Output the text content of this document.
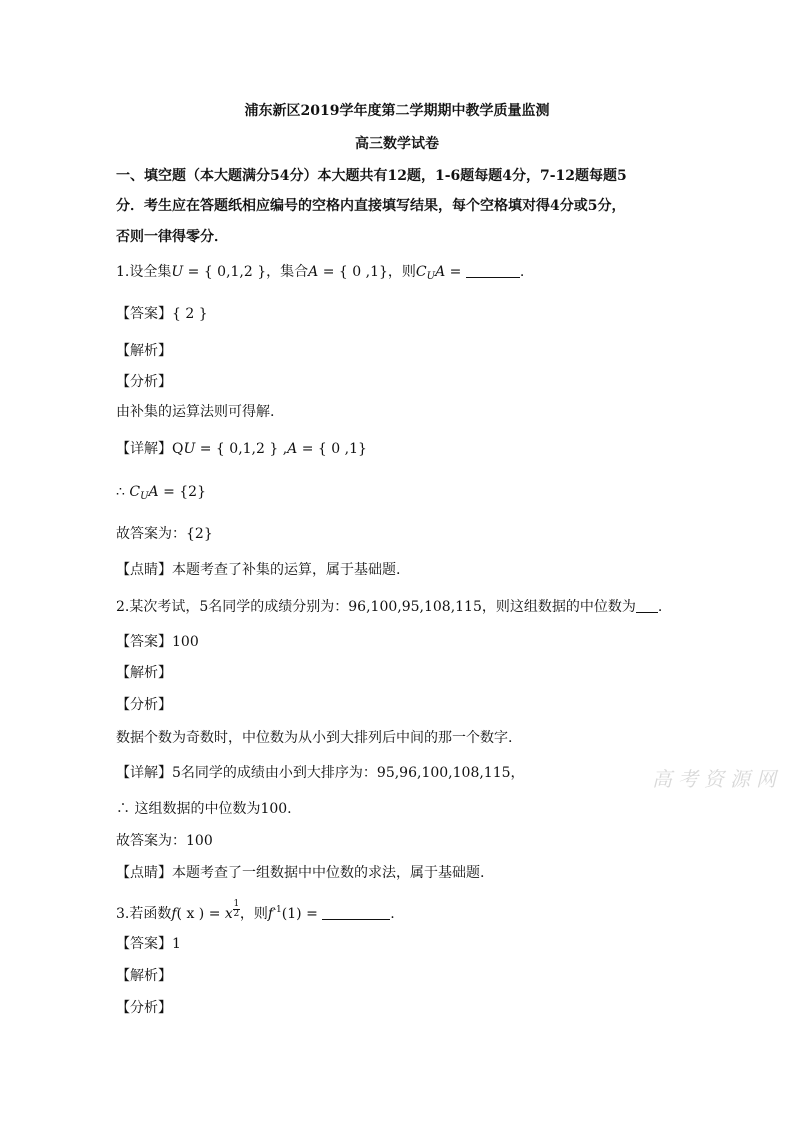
浦东新区2019学年度第二学期期中教学质量监测
高三数学试卷
一、填空题（本大题满分54分）本大题共有12题，1-6题每题4分，7-12题每题5
分．考生应在答题纸相应编号的空格内直接填写结果，每个空格填对得4分或5分，
否则一律得零分．
1.设全集U = { 0,1,2 }，集合A = { 0 ,1}，则$C_UA$ =	.
【答案】{ 2 }
【解析】
【分析】
由补集的运算法则可得解.
【详解】QU = { 0,1,2 } ,A = { 0 ,1}
∴ $C_UA = \{2\}$
故答案为：{2}
【点睛】本题考查了补集的运算，属于基础题.
2.某次考试，5名同学的成绩分别为：96,100,95,108,115，则这组数据的中位数为 .
【答案】100
【解析】
【分析】
数据个数为奇数时，中位数为从小到大排列后中间的那一个数字.
【详解】5名同学的成绩由小到大排序为：95,96,100,108,115，
∴ 这组数据的中位数为100.
故答案为：100
【点睛】本题考查了一组数据中中位数的求法，属于基础题.
3.若函数f( x ) = x $\frac{1}{2}$ ，则$f^{-1}(1)$ =	.
【答案】1
【解析】
【分析】
高考资源网
